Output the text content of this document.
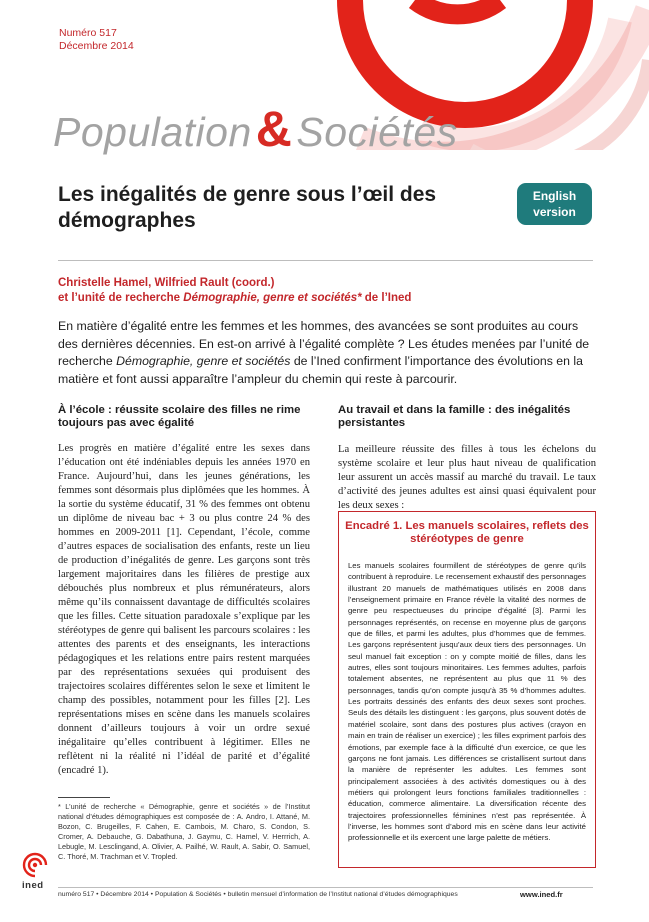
Numéro 517
Décembre 2014
Population&Sociétés
Les inégalités de genre sous l’œil des démographes
English version
Christelle Hamel, Wilfried Rault (coord.)
et l’unité de recherche Démographie, genre et sociétés* de l’Ined
En matière d’égalité entre les femmes et les hommes, des avancées se sont produites au cours des dernières décennies. En est-on arrivé à l’égalité complète ? Les études menées par l’unité de recherche Démographie, genre et sociétés de l’Ined confirment l’importance des évolutions en la matière et font aussi apparaître l’ampleur du chemin qui reste à parcourir.
À l’école : réussite scolaire des filles ne rime toujours pas avec égalité
Les progrès en matière d’égalité entre les sexes dans l’éducation ont été indéniables depuis les années 1970 en France. Aujourd’hui, dans les jeunes générations, les femmes sont désormais plus diplômées que les hommes. À la sortie du système éducatif, 31 % des femmes ont obtenu un diplôme de niveau bac + 3 ou plus contre 24 % des hommes en 2009-2011 [1]. Cependant, l’école, comme d’autres espaces de socialisation des enfants, reste un lieu de production d’inégalités de genre. Les garçons sont très largement majoritaires dans les filières de prestige aux débouchés plus nombreux et plus rémunérateurs, alors même qu’ils connaissent davantage de difficultés scolaires que les filles. Cette situation paradoxale s’explique par les stéréotypes de genre qui balisent les parcours scolaires : les attentes des parents et des enseignants, les interactions pédagogiques et les relations entre pairs restent marquées par des représentations sexuées qui produisent des trajectoires scolaires différentes selon le sexe et limitent le champ des possibles, notamment pour les filles [2]. Les représentations mises en scène dans les manuels scolaires donnent d’ailleurs toujours à voir un ordre sexué inégalitaire qu’elles contribuent à légitimer. Elles ne reflètent ni la réalité ni l’idéal de parité et d’égalité (encadré 1).
Au travail et dans la famille : des inégalités persistantes
La meilleure réussite des filles à tous les échelons du système scolaire et leur plus haut niveau de qualification leur assurent un accès massif au marché du travail. Le taux d’activité des jeunes adultes est ainsi quasi équivalent pour les deux sexes :
Encadré 1. Les manuels scolaires, reflets des stéréotypes de genre
Les manuels scolaires fourmillent de stéréotypes de genre qu’ils contribuent à reproduire. Le recensement exhaustif des personnages illustrant 20 manuels de mathématiques utilisés en 2008 dans l’enseignement primaire en France révèle la vitalité des normes de genre peu respectueuses du principe d’égalité [3]. Parmi les personnages représentés, on recense en moyenne plus de garçons que de filles, et parmi les adultes, plus d’hommes que de femmes. Les garçons représentent jusqu’aux deux tiers des personnages. Un seul manuel fait exception : on y compte moitié de filles, dans les autres, elles sont toujours minoritaires. Les femmes adultes, parfois totalement absentes, ne représentent au plus que 11 % des personnages, tandis qu’on compte jusqu’à 35 % d’hommes adultes. Les portraits dessinés des enfants des deux sexes sont proches. Seuls des détails les distinguent : les garçons, plus souvent dotés de matériel scolaire, sont dans des postures plus actives (crayon en main en train de réaliser un exercice) ; les filles expriment parfois des émotions, par exemple face à la difficulté d’un exercice, ce que les garçons ne font jamais. Les différences se cristallisent surtout dans la manière de représenter les adultes. Les femmes sont principalement associées à des activités domestiques ou à des métiers qui prolongent leurs fonctions familiales traditionnelles : éducation, commerce alimentaire. La diversification récente des trajectoires professionnelles féminines n’est pas représentée. À l’inverse, les hommes sont d’abord mis en scène dans leur activité professionnelle et ils exercent une large palette de métiers.
* L’unité de recherche « Démographie, genre et sociétés » de l’Institut national d’études démographiques est composée de : A. Andro, I. Attané, M. Bozon, C. Brugeilles, F. Cahen, E. Cambois, M. Charo, S. Condon, S. Cromer, A. Debauche, G. Dabathuna, J. Gaymu, C. Hamel, V. Herrrich, A. Lebugle, M. Lesclingand, A. Olivier, A. Pailhé, W. Rault, A. Sabir, O. Samuel, C. Thoré, M. Trachman et V. Tropled.
ined
numéro 517 • Décembre 2014 • Population & Sociétés • bulletin mensuel d’information de l’Institut national d’études démographiques	www.ined.fr
